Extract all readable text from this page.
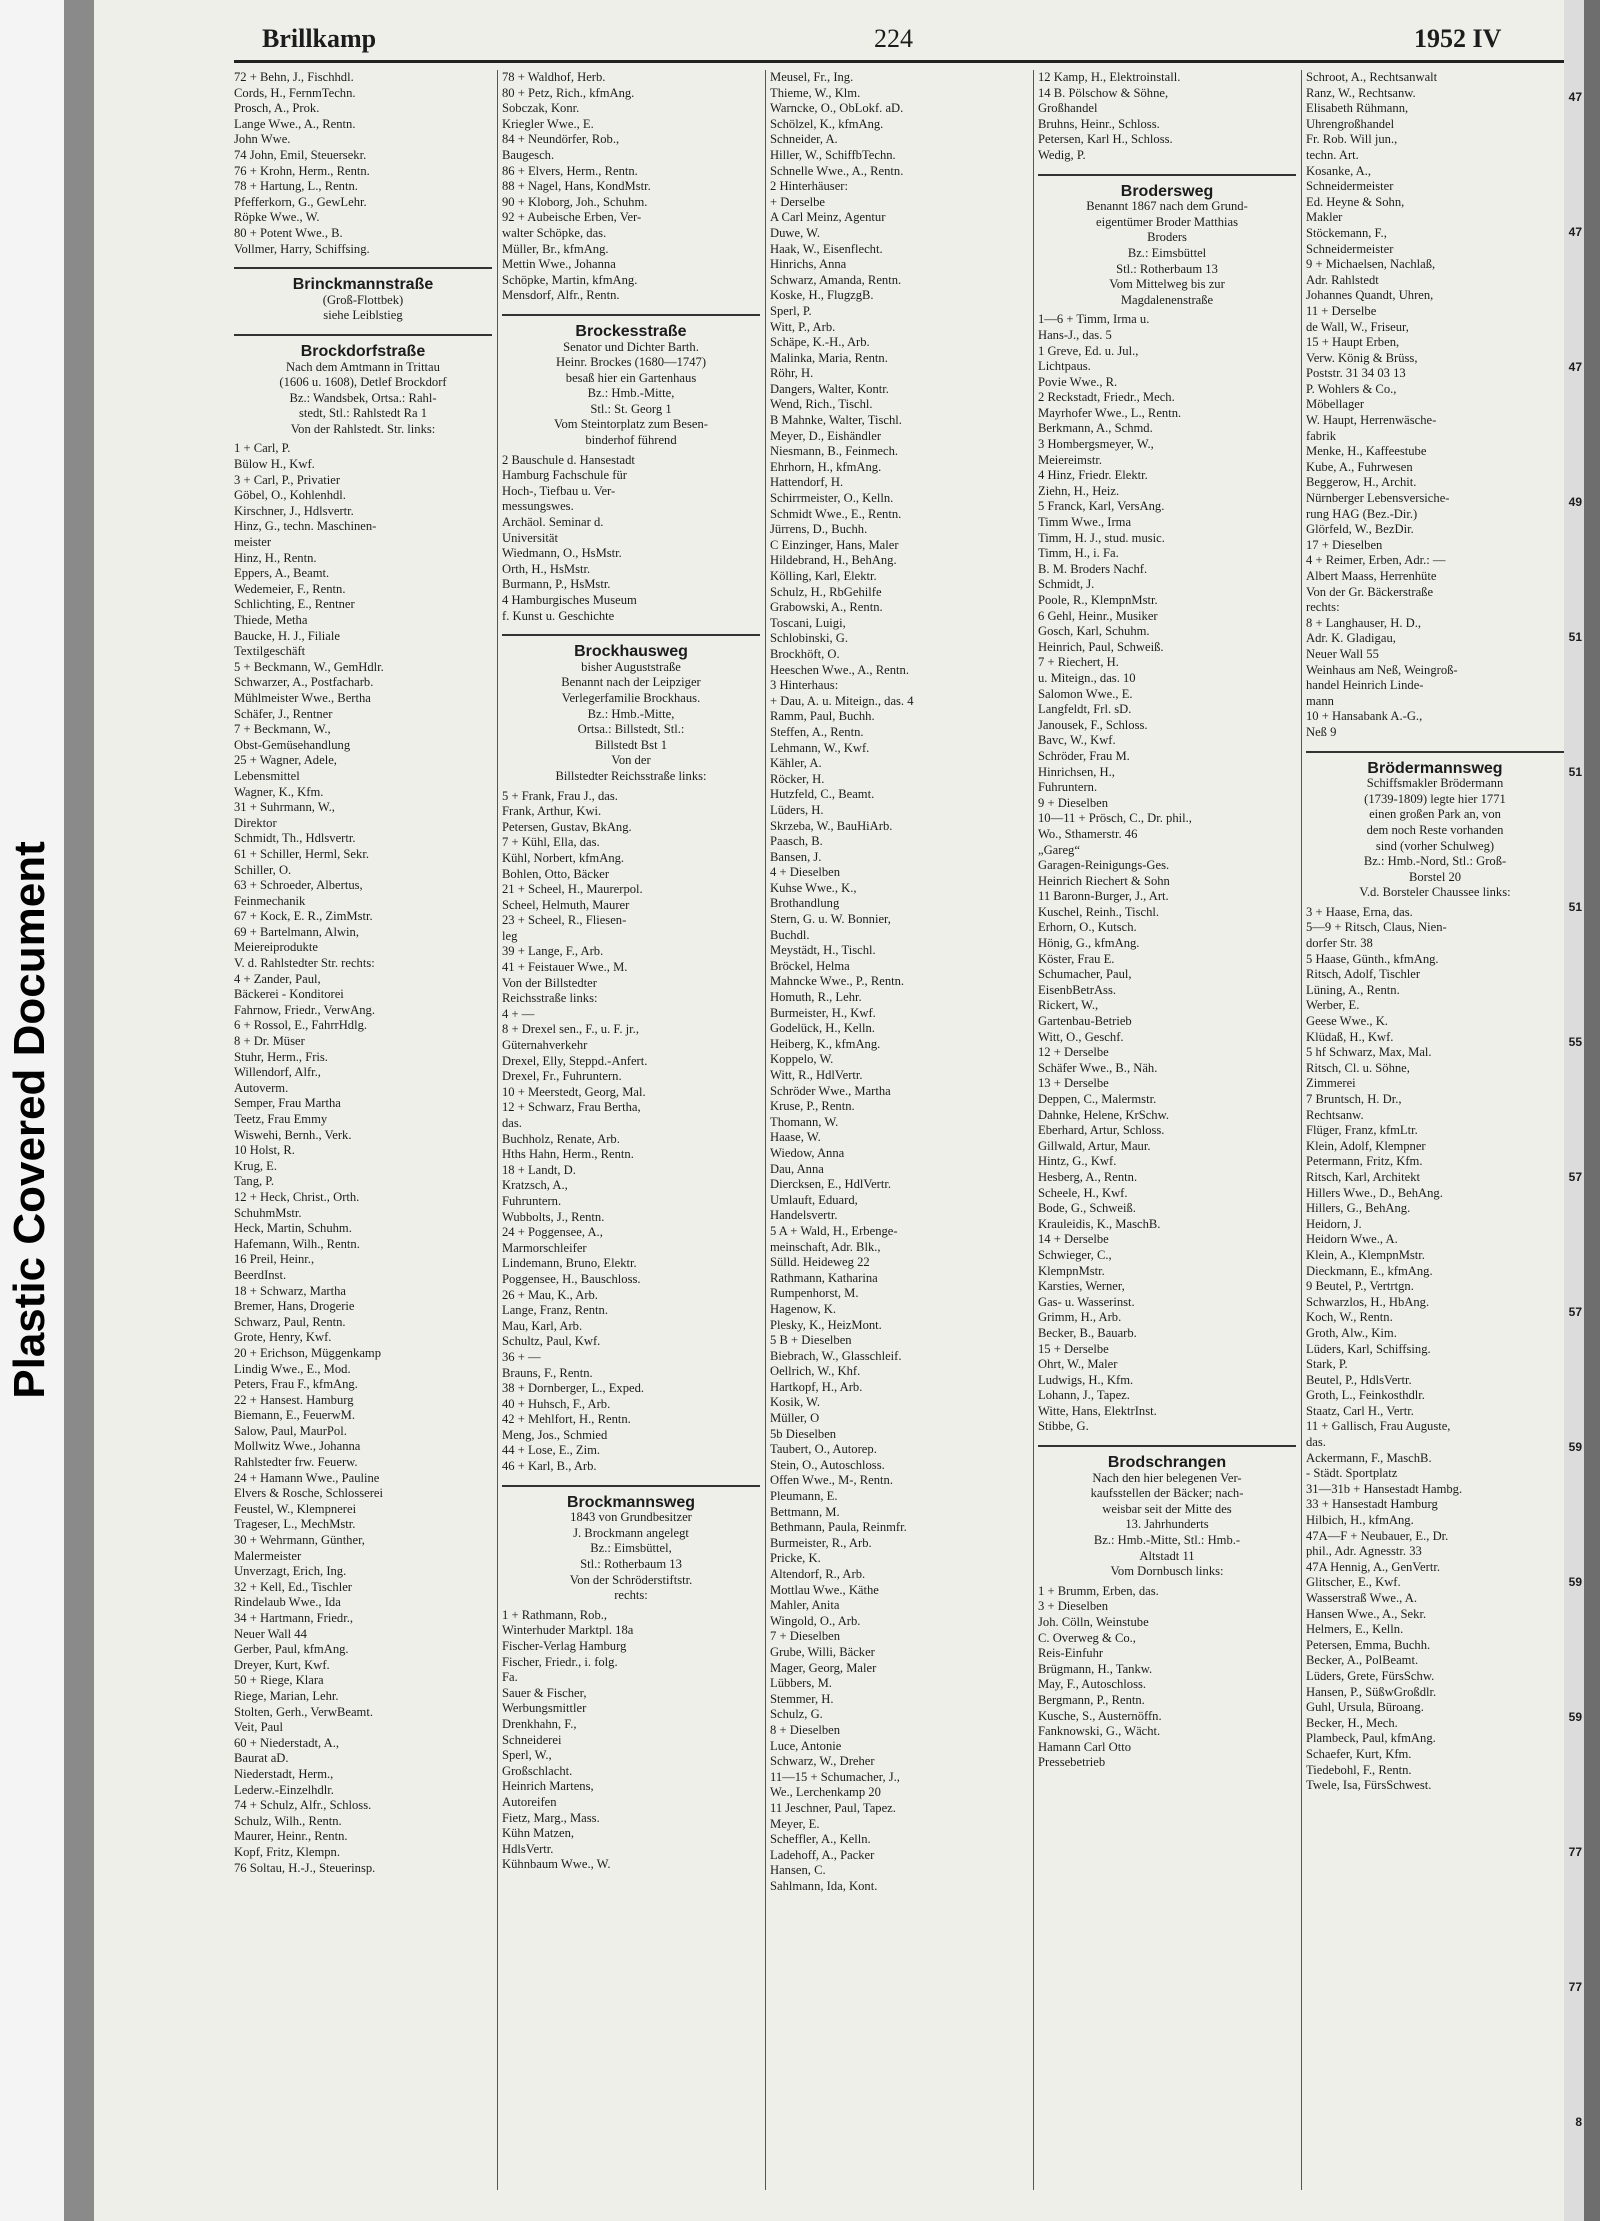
Plastic Covered Document
Brillkamp	224	1952 IV
72 + Behn, J., Fischhdl.
Cords, H., FernmTechn.
Prosch, A., Prok.
Lange Wwe., A., Rentn.
John Wwe.
74 John, Emil, Steuersekr.
76 + Krohn, Herm., Rentn.
78 + Hartung, L., Rentn.
Pfefferkorn, G., GewLehr.
Röpke Wwe., W.
80 + Potent Wwe., B.
Vollmer, Harry, Schiffsing.
Brinckmannstraße
(Groß-Flottbek)
siehe Leiblstieg
Brockdorfstraße
Nach dem Amtmann in Trittau
(1606 u. 1608), Detlef Brockdorf
Bz.: Wandsbek, Ortsa.: Rahl-
stedt, Stl.: Rahlstedt Ra 1
Von der Rahlstedt. Str. links:
1 + Carl, P.
Bülow H., Kwf.
3 + Carl, P., Privatier
Göbel, O., Kohlenhdl.
Kirschner, J., Hdlsvertr.
Hinz, G., techn. Maschinen-
meister
Hinz, H., Rentn.
Eppers, A., Beamt.
Wedemeier, F., Rentn.
Schlichting, E., Rentner
Thiede, Metha
Baucke, H. J., Filiale
Textilgeschäft
5 + Beckmann, W., GemHdlr.
Schwarzer, A., Postfacharb.
Mühlmeister Wwe., Bertha
Schäfer, J., Rentner
7 + Beckmann, W.,
Obst-Gemüsehandlung
25 + Wagner, Adele,
Lebensmittel
Wagner, K., Kfm.
31 + Suhrmann, W.,
Direktor
Schmidt, Th., Hdlsvertr.
61 + Schiller, Herml, Sekr.
Schiller, O.
63 + Schroeder, Albertus,
Feinmechanik
67 + Kock, E. R., ZimMstr.
69 + Bartelmann, Alwin,
Meiereiprodukte
V. d. Rahlstedter Str. rechts:
4 + Zander, Paul,
Bäckerei - Konditorei
Fahrnow, Friedr., VerwAng.
6 + Rossol, E., FahrrHdlg.
8 + Dr. Müser
Stuhr, Herm., Fris.
Willendorf, Alfr.,
Autoverm.
Semper, Frau Martha
Teetz, Frau Emmy
Wiswehi, Bernh., Verk.
10 Holst, R.
Krug, E.
Tang, P.
12 + Heck, Christ., Orth.
SchuhmMstr.
Heck, Martin, Schuhm.
Hafemann, Wilh., Rentn.
16 Preil, Heinr.,
BeerdInst.
18 + Schwarz, Martha
Bremer, Hans, Drogerie
Schwarz, Paul, Rentn.
Grote, Henry, Kwf.
20 + Erichson, Müggenkamp
Lindig Wwe., E., Mod.
Peters, Frau F., kfmAng.
22 + Hansest. Hamburg
Biemann, E., FeuerwM.
Salow, Paul, MaurPol.
Mollwitz Wwe., Johanna
Rahlstedter frw. Feuerw.
24 + Hamann Wwe., Pauline
Elvers & Rosche, Schlosserei
Feustel, W., Klempnerei
Trageser, L., MechMstr.
30 + Wehrmann, Günther,
Malermeister
Unverzagt, Erich, Ing.
32 + Kell, Ed., Tischler
Rindelaub Wwe., Ida
34 + Hartmann, Friedr.,
Neuer Wall 44
Gerber, Paul, kfmAng.
Dreyer, Kurt, Kwf.
50 + Riege, Klara
Riege, Marian, Lehr.
Stolten, Gerh., VerwBeamt.
Veit, Paul
60 + Niederstadt, A.,
Baurat aD.
Niederstadt, Herm.,
Lederw.-Einzelhdlr.
74 + Schulz, Alfr., Schloss.
Schulz, Wilh., Rentn.
Maurer, Heinr., Rentn.
Kopf, Fritz, Klempn.
76 Soltau, H.-J., Steuerinsp.
78 + Waldhof, Herb.
80 + Petz, Rich., kfmAng.
Sobczak, Konr.
Kriegler Wwe., E.
84 + Neundörfer, Rob.,
Baugesch.
86 + Elvers, Herm., Rentn.
88 + Nagel, Hans, KondMstr.
90 + Kloborg, Joh., Schuhm.
92 + Aubeische Erben, Ver-
walter Schöpke, das.
Müller, Br., kfmAng.
Mettin Wwe., Johanna
Schöpke, Martin, kfmAng.
Mensdorf, Alfr., Rentn.
Brockesstraße
Senator und Dichter Barth.
Heinr. Brockes (1680—1747)
besaß hier ein Gartenhaus
Bz.: Hmb.-Mitte,
Stl.: St. Georg 1
Vom Steintorplatz zum Besen-
binderhof führend
2 Bauschule d. Hansestadt
Hamburg Fachschule für
Hoch-, Tiefbau u. Ver-
messungswes.
Archäol. Seminar d.
Universität
Wiedmann, O., HsMstr.
Orth, H., HsMstr.
Burmann, P., HsMstr.
4 Hamburgisches Museum
f. Kunst u. Geschichte
Brockhausweg
bisher Auguststraße
Benannt nach der Leipziger
Verlegerfamilie Brockhaus.
Bz.: Hmb.-Mitte,
Ortsa.: Billstedt, Stl.:
Billstedt Bst 1
Von der
Billstedter Reichsstraße links:
5 + Frank, Frau J., das.
Frank, Arthur, Kwi.
Petersen, Gustav, BkAng.
7 + Kühl, Ella, das.
Kühl, Norbert, kfmAng.
Bohlen, Otto, Bäcker
21 + Scheel, H., Maurerpol.
Scheel, Helmuth, Maurer
23 + Scheel, R., Fliesen-
leg
39 + Lange, F., Arb.
41 + Feistauer Wwe., M.
Von der Billstedter
Reichsstraße links:
4 + —
8 + Drexel sen., F., u. F. jr.,
Güternahverkehr
Drexel, Elly, Steppd.-Anfert.
Drexel, Fr., Fuhruntern.
10 + Meerstedt, Georg, Mal.
12 + Schwarz, Frau Bertha,
das.
Buchholz, Renate, Arb.
Hths Hahn, Herm., Rentn.
18 + Landt, D.
Kratzsch, A.,
Fuhruntern.
Wubbolts, J., Rentn.
24 + Poggensee, A.,
Marmorschleifer
Lindemann, Bruno, Elektr.
Poggensee, H., Bauschloss.
26 + Mau, K., Arb.
Lange, Franz, Rentn.
Mau, Karl, Arb.
Schultz, Paul, Kwf.
36 + —
Brauns, F., Rentn.
38 + Dornberger, L., Exped.
40 + Huhsch, F., Arb.
42 + Mehlfort, H., Rentn.
Meng, Jos., Schmied
44 + Lose, E., Zim.
46 + Karl, B., Arb.
Brockmannsweg
1843 von Grundbesitzer
J. Brockmann angelegt
Bz.: Eimsbüttel,
Stl.: Rotherbaum 13
Von der Schröderstiftstr.
rechts:
1 + Rathmann, Rob.,
Winterhuder Marktpl. 18a
Fischer-Verlag Hamburg
Fischer, Friedr., i. folg.
Fa.
Sauer & Fischer,
Werbungsmittler
Drenkhahn, F.,
Schneiderei
Sperl, W.,
Großschlacht.
Heinrich Martens,
Autoreifen
Fietz, Marg., Mass.
Kühn Matzen,
HdlsVertr.
Kühnbaum Wwe., W.
Meusel, Fr., Ing.
Thieme, W., Klm.
Warncke, O., ObLokf. aD.
Schölzel, K., kfmAng.
Schneider, A.
Hiller, W., SchiffbTechn.
Schnelle Wwe., A., Rentn.
2 Hinterhäuser:
+ Derselbe
A Carl Meinz, Agentur
Duwe, W.
Haak, W., Eisenflecht.
Hinrichs, Anna
Schwarz, Amanda, Rentn.
Koske, H., FlugzgB.
Sperl, P.
Witt, P., Arb.
Schäpe, K.-H., Arb.
Malinka, Maria, Rentn.
Röhr, H.
Dangers, Walter, Kontr.
Wend, Rich., Tischl.
B Mahnke, Walter, Tischl.
Meyer, D., Eishändler
Niesmann, B., Feinmech.
Ehrhorn, H., kfmAng.
Hattendorf, H.
Schirrmeister, O., Kelln.
Schmidt Wwe., E., Rentn.
Jürrens, D., Buchh.
C Einzinger, Hans, Maler
Hildebrand, H., BehAng.
Kölling, Karl, Elektr.
Schulz, H., RbGehilfe
Grabowski, A., Rentn.
Toscani, Luigi,
Schlobinski, G.
Brockhöft, O.
Heeschen Wwe., A., Rentn.
3 Hinterhaus:
+ Dau, A. u. Miteign., das. 4
Ramm, Paul, Buchh.
Steffen, A., Rentn.
Lehmann, W., Kwf.
Kähler, A.
Röcker, H.
Hutzfeld, C., Beamt.
Lüders, H.
Skrzeba, W., BauHiArb.
Paasch, B.
Bansen, J.
4 + Dieselben
Kuhse Wwe., K.,
Brothandlung
Stern, G. u. W. Bonnier,
Buchdl.
Meystädt, H., Tischl.
Bröckel, Helma
Mahncke Wwe., P., Rentn.
Homuth, R., Lehr.
Burmeister, H., Kwf.
Godelück, H., Kelln.
Heiberg, K., kfmAng.
Koppelo, W.
Witt, R., HdlVertr.
Schröder Wwe., Martha
Kruse, P., Rentn.
Thomann, W.
Haase, W.
Wiedow, Anna
Dau, Anna
Diercksen, E., HdlVertr.
Umlauft, Eduard,
Handelsvertr.
5 A + Wald, H., Erbenge-
meinschaft, Adr. Blk.,
Sülld. Heideweg 22
Rathmann, Katharina
Rumpenhorst, M.
Hagenow, K.
Plesky, K., HeizMont.
5 B + Dieselben
Biebrach, W., Glasschleif.
Oellrich, W., Khf.
Hartkopf, H., Arb.
Kosik, W.
Müller, O
5b Dieselben
Taubert, O., Autorep.
Stein, O., Autoschloss.
Offen Wwe., M-, Rentn.
Pleumann, E.
Bettmann, M.
Bethmann, Paula, Reinmfr.
Burmeister, R., Arb.
Pricke, K.
Altendorf, R., Arb.
Mottlau Wwe., Käthe
Mahler, Anita
Wingold, O., Arb.
7 + Dieselben
Grube, Willi, Bäcker
Mager, Georg, Maler
Lübbers, M.
Stemmer, H.
Schulz, G.
8 + Dieselben
Luce, Antonie
Schwarz, W., Dreher
11—15 + Schumacher, J.,
We., Lerchenkamp 20
11 Jeschner, Paul, Tapez.
Meyer, E.
Scheffler, A., Kelln.
Ladehoff, A., Packer
Hansen, C.
Sahlmann, Ida, Kont.
12 Kamp, H., Elektroinstall.
14 B. Pölschow & Söhne,
Großhandel
Bruhns, Heinr., Schloss.
Petersen, Karl H., Schloss.
Wedig, P.
Brodersweg
Benannt 1867 nach dem Grund-
eigentümer Broder Matthias
Broders
Bz.: Eimsbüttel
Stl.: Rotherbaum 13
Vom Mittelweg bis zur
Magdalenenstraße
1—6 + Timm, Irma u.
Hans-J., das. 5
1 Greve, Ed. u. Jul.,
Lichtpaus.
Povie Wwe., R.
2 Reckstadt, Friedr., Mech.
Mayrhofer Wwe., L., Rentn.
Berkmann, A., Schmd.
3 Hombergsmeyer, W.,
Meiereimstr.
4 Hinz, Friedr. Elektr.
Ziehn, H., Heiz.
5 Franck, Karl, VersAng.
Timm Wwe., Irma
Timm, H. J., stud. music.
Timm, H., i. Fa.
B. M. Broders Nachf.
Schmidt, J.
Poole, R., KlempnMstr.
6 Gehl, Heinr., Musiker
Gosch, Karl, Schuhm.
Heinrich, Paul, Schweiß.
7 + Riechert, H.
u. Miteign., das. 10
Salomon Wwe., E.
Langfeldt, Frl. sD.
Janousek, F., Schloss.
Bavc, W., Kwf.
Schröder, Frau M.
Hinrichsen, H.,
Fuhruntern.
9 + Dieselben
10—11 + Prösch, C., Dr. phil.,
Wo., Sthamerstr. 46
„Gareg“
Garagen-Reinigungs-Ges.
Heinrich Riechert & Sohn
11 Baronn-Burger, J., Art.
Kuschel, Reinh., Tischl.
Erhorn, O., Kutsch.
Hönig, G., kfmAng.
Köster, Frau E.
Schumacher, Paul,
EisenbBetrAss.
Rickert, W.,
Gartenbau-Betrieb
Witt, O., Geschf.
12 + Derselbe
Schäfer Wwe., B., Näh.
13 + Derselbe
Deppen, C., Malermstr.
Dahnke, Helene, KrSchw.
Eberhard, Artur, Schloss.
Gillwald, Artur, Maur.
Hintz, G., Kwf.
Hesberg, A., Rentn.
Scheele, H., Kwf.
Bode, G., Schweiß.
Krauleidis, K., MaschB.
14 + Derselbe
Schwieger, C.,
KlempnMstr.
Karsties, Werner,
Gas- u. Wasserinst.
Grimm, H., Arb.
Becker, B., Bauarb.
15 + Derselbe
Ohrt, W., Maler
Ludwigs, H., Kfm.
Lohann, J., Tapez.
Witte, Hans, ElektrInst.
Stibbe, G.
Brodschrangen
Nach den hier belegenen Ver-
kaufsstellen der Bäcker; nach-
weisbar seit der Mitte des
13. Jahrhunderts
Bz.: Hmb.-Mitte, Stl.: Hmb.-
Altstadt 11
Vom Dornbusch links:
1 + Brumm, Erben, das.
3 + Dieselben
Joh. Cölln, Weinstube
C. Overweg & Co.,
Reis-Einfuhr
Brügmann, H., Tankw.
May, F., Autoschloss.
Bergmann, P., Rentn.
Kusche, S., Austernöffn.
Fanknowski, G., Wächt.
Hamann Carl Otto
Pressebetrieb
Schroot, A., Rechtsanwalt
Ranz, W., Rechtsanw.
Elisabeth Rühmann,
Uhrengroßhandel
Fr. Rob. Will jun.,
techn. Art.
Kosanke, A.,
Schneidermeister
Ed. Heyne & Sohn,
Makler
Stöckemann, F.,
Schneidermeister
9 + Michaelsen, Nachlaß,
Adr. Rahlstedt
Johannes Quandt, Uhren,
11 + Derselbe
de Wall, W., Friseur,
15 + Haupt Erben,
Verw. König & Brüss,
Poststr. 31 34 03 13
P. Wohlers & Co.,
Möbellager
W. Haupt, Herrenwäsche-
fabrik
Menke, H., Kaffeestube
Kube, A., Fuhrwesen
Beggerow, H., Archit.
Nürnberger Lebensversiche-
rung HAG (Bez.-Dir.)
Glörfeld, W., BezDir.
17 + Dieselben
4 + Reimer, Erben, Adr.: —
Albert Maass, Herrenhüte
Von der Gr. Bäckerstraße
rechts:
8 + Langhauser, H. D.,
Adr. K. Gladigau,
Neuer Wall 55
Weinhaus am Neß, Weingroß-
handel Heinrich Linde-
mann
10 + Hansabank A.-G.,
Neß 9
Brödermannsweg
Schiffsmakler Brödermann
(1739-1809) legte hier 1771
einen großen Park an, von
dem noch Reste vorhanden
sind (vorher Schulweg)
Bz.: Hmb.-Nord, Stl.: Groß-
Borstel 20
V.d. Borsteler Chaussee links:
3 + Haase, Erna, das.
5—9 + Ritsch, Claus, Nien-
dorfer Str. 38
5 Haase, Günth., kfmAng.
Ritsch, Adolf, Tischler
Lüning, A., Rentn.
Werber, E.
Geese Wwe., K.
Klüdaß, H., Kwf.
5 hf Schwarz, Max, Mal.
Ritsch, Cl. u. Söhne,
Zimmerei
7 Bruntsch, H. Dr.,
Rechtsanw.
Flüger, Franz, kfmLtr.
Klein, Adolf, Klempner
Petermann, Fritz, Kfm.
Ritsch, Karl, Architekt
Hillers Wwe., D., BehAng.
Hillers, G., BehAng.
Heidorn, J.
Heidorn Wwe., A.
Klein, A., KlempnMstr.
Dieckmann, E., kfmAng.
9 Beutel, P., Vertrtgn.
Schwarzlos, H., HbAng.
Koch, W., Rentn.
Groth, Alw., Kim.
Lüders, Karl, Schiffsing.
Stark, P.
Beutel, P., HdlsVertr.
Groth, L., Feinkosthdlr.
Staatz, Carl H., Vertr.
11 + Gallisch, Frau Auguste,
das.
Ackermann, F., MaschB.
- Städt. Sportplatz
31—31b + Hansestadt Hambg.
33 + Hansestadt Hamburg
Hilbich, H., kfmAng.
47A—F + Neubauer, E., Dr.
phil., Adr. Agnesstr. 33
47A Hennig, A., GenVertr.
Glitscher, E., Kwf.
Wasserstraß Wwe., A.
Hansen Wwe., A., Sekr.
Helmers, E., Kelln.
Petersen, Emma, Buchh.
Becker, A., PolBeamt.
Lüders, Grete, FürsSchw.
Hansen, P., SüßwGroßdlr.
Guhl, Ursula, Büroang.
Becker, H., Mech.
Plambeck, Paul, kfmAng.
Schaefer, Kurt, Kfm.
Tiedebohl, F., Rentn.
Twele, Isa, FürsSchwest.
47
47
47
49
51
51
51
55
57
57
59
59
59
77
77
8
